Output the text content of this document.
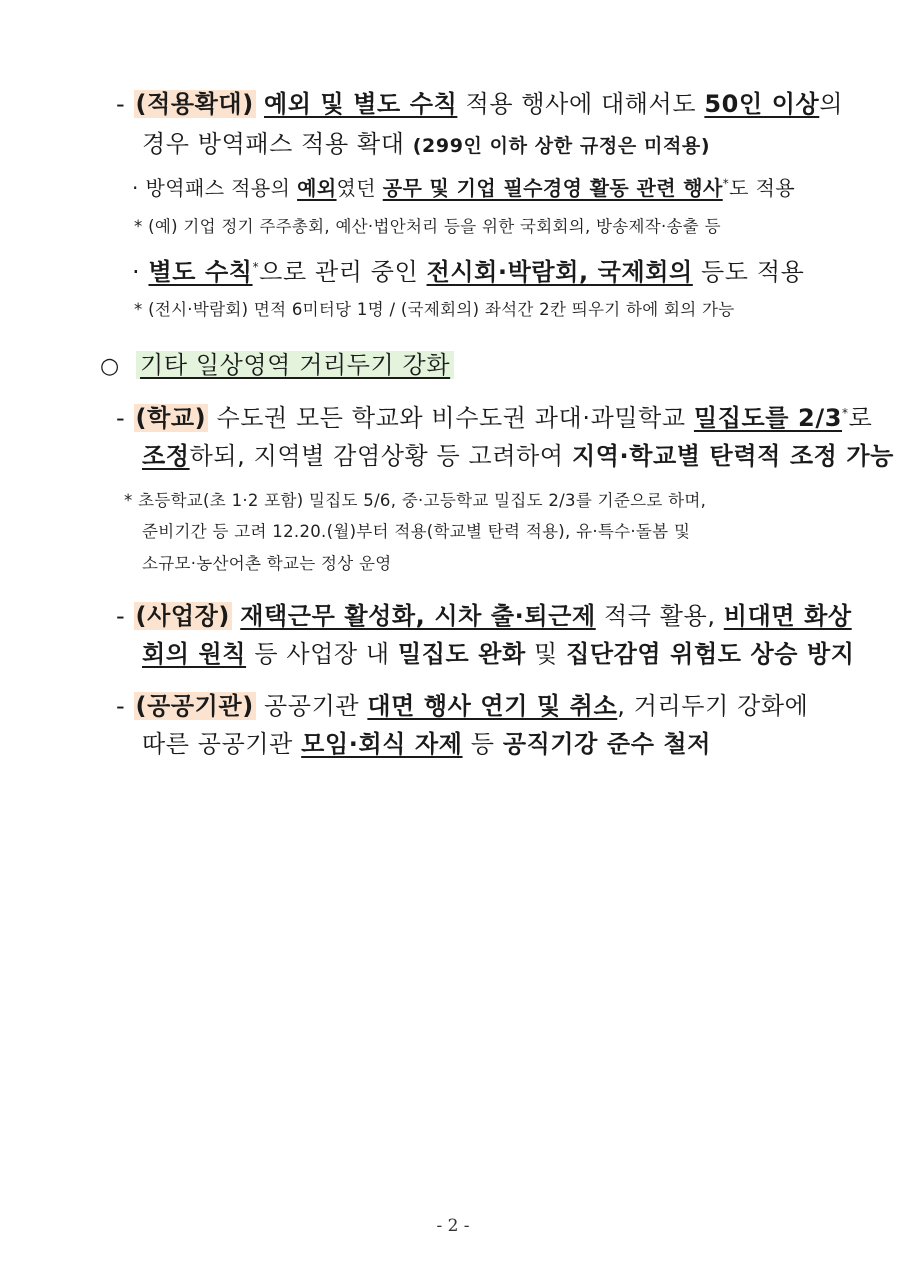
- (적용확대) 예외 및 별도 수칙 적용 행사에 대해서도 50인 이상의
경우 방역패스 적용 확대 (299인 이하 상한 규정은 미적용)
· 방역패스 적용의 예외였던 공무 및 기업 필수경영 활동 관련 행사*도 적용
* (예) 기업 정기 주주총회, 예산·법안처리 등을 위한 국회회의, 방송제작·송출 등
· 별도 수칙*으로 관리 중인 전시회·박람회, 국제회의 등도 적용
* (전시·박람회) 면적 6미터당 1명 / (국제회의) 좌석간 2칸 띄우기 하에 회의 가능
○ 기타 일상영역 거리두기 강화
- (학교) 수도권 모든 학교와 비수도권 과대·과밀학교 밀집도를 2/3*로
조정하되, 지역별 감염상황 등 고려하여 지역·학교별 탄력적 조정 가능
* 초등학교(초 1·2 포함) 밀집도 5/6, 중·고등학교 밀집도 2/3를 기준으로 하며,
준비기간 등 고려 12.20.(월)부터 적용(학교별 탄력 적용), 유·특수·돌봄 및
소규모·농산어촌 학교는 정상 운영
- (사업장) 재택근무 활성화, 시차 출·퇴근제 적극 활용, 비대면 화상
회의 원칙 등 사업장 내 밀집도 완화 및 집단감염 위험도 상승 방지
- (공공기관) 공공기관 대면 행사 연기 및 취소, 거리두기 강화에
따른 공공기관 모임·회식 자제 등 공직기강 준수 철저
- 2 -
